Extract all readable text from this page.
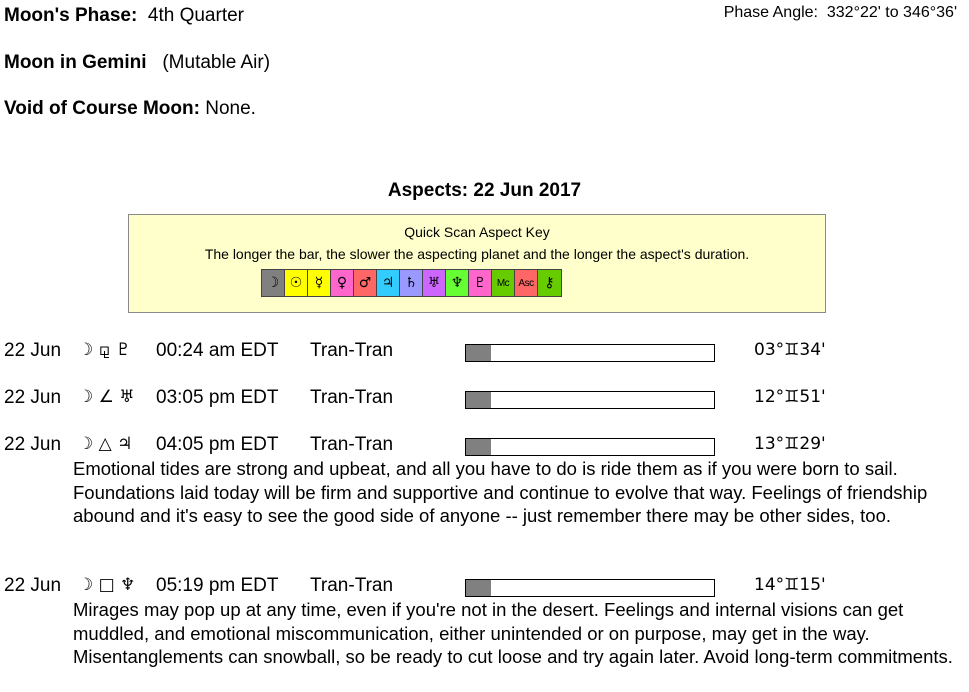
Moon's Phase: 4th Quarter	Phase Angle: 332°22' to 346°36'
Moon in Gemini (Mutable Air)
Void of Course Moon: None.
Aspects: 22 Jun 2017
Quick Scan Aspect Key
The longer the bar, the slower the aspecting planet and the longer the aspect's duration.
☽ ☉ ☿ ♀ ♂ ♃ ♄ ♅ ♆ ♇	Mc Asc ⚷
22 Jun ☽ ⚼ ♇ 00:24 am EDT Tran-Tran	03°♊34'
22 Jun ☽ ∠ ♅ 03:05 pm EDT Tran-Tran	12°♊51'
22 Jun ☽ △ ♃ 04:05 pm EDT Tran-Tran	13°♊29'
Emotional tides are strong and upbeat, and all you have to do is ride them as if you were born to sail. Foundations laid today will be firm and supportive and continue to evolve that way. Feelings of friendship abound and it's easy to see the good side of anyone -- just remember there may be other sides, too.
22 Jun ☽ □ ♆ 05:19 pm EDT Tran-Tran	14°♊15'
Mirages may pop up at any time, even if you're not in the desert. Feelings and internal visions can get muddled, and emotional miscommunication, either unintended or on purpose, may get in the way. Misentanglements can snowball, so be ready to cut loose and try again later. Avoid long-term commitments.
